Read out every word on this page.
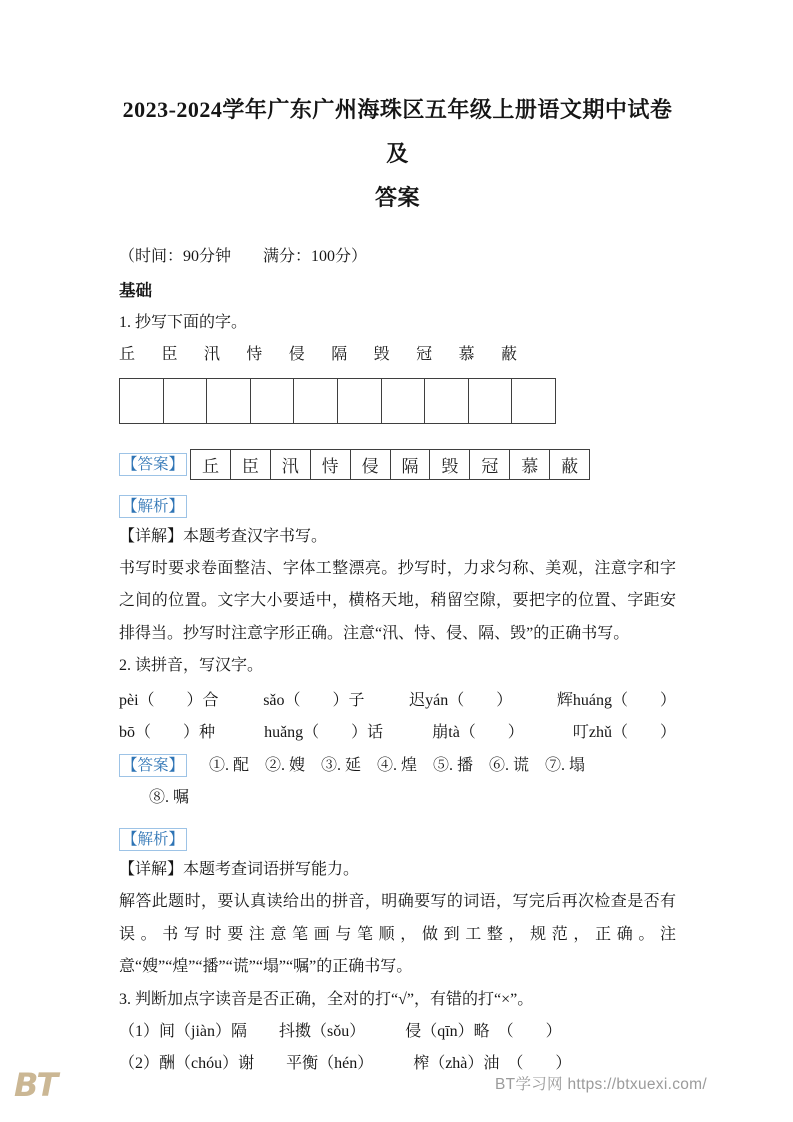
2023-2024学年广东广州海珠区五年级上册语文期中试卷及
答案
（时间：90分钟　　满分：100分）
基础
1. 抄写下面的字。
丘 臣 汛 恃 侵 隔 毁 冠 慕 蔽
【答案】	丘	臣	汛	恃	侵	隔	毁	冠	慕	蔽
【解析】
【详解】本题考查汉字书写。
书写时要求卷面整洁、字体工整漂亮。抄写时，力求匀称、美观，注意字和字之间的位置。文字大小要适中，横格天地，稍留空隙，要把字的位置、字距安排得当。抄写时注意字形正确。注意“汛、恃、侵、隔、毁”的正确书写。
2. 读拼音，写汉字。
pèi（　　）合	sǎo（　　）子	迟yán（　　）	辉huáng（　　）
bō（　　）种	huǎng（　　）话	崩tà（　　）	叮zhǔ（　　）
【答案】 ①. 配　②. 嫂　③. 延　④. 煌　⑤. 播　⑥. 谎　⑦. 塌
⑧. 嘱
【解析】
【详解】本题考查词语拼写能力。
解答此题时，要认真读给出的拼音，明确要写的词语，写完后再次检查是否有误。书写时要注意笔画与笔顺，做到工整，规范，正确。注意“嫂”“煌”“播”“谎”“塌”“嘱”的正确书写。
3. 判断加点字读音是否正确，全对的打“√”，有错的打“×”。
（1）间（jiàn）隔　　抖擞（sǒu）　　　侵（qīn）略　（　　）
（2）酬（chóu）谢　　平衡（hén）　　　榨（zhà）油　（　　）
BT学习网 https://btxuexi.com/
BT
